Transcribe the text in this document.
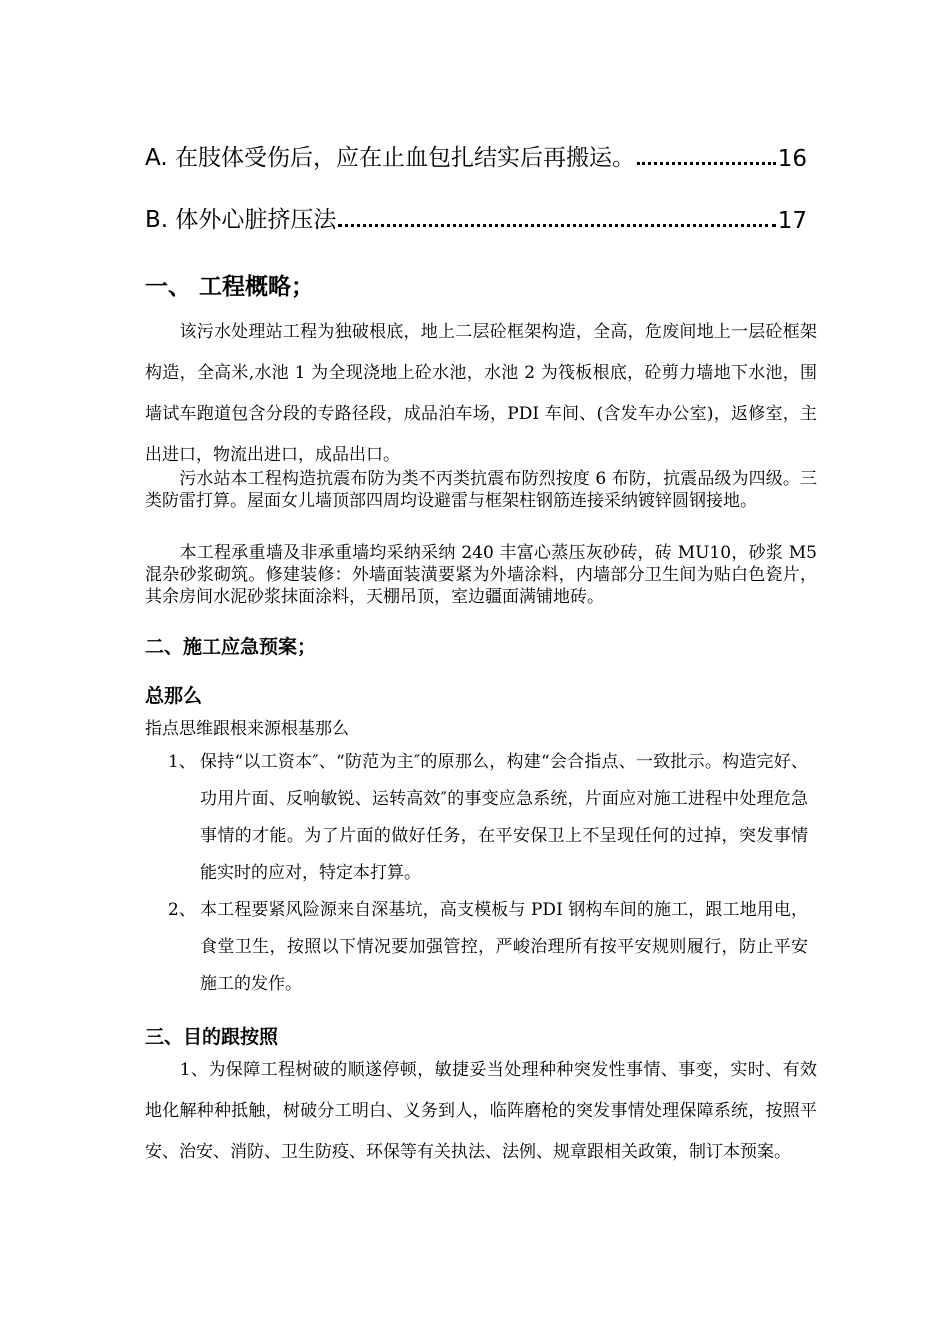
A. 在肢体受伤后，应在止血包扎结实后再搬运。	16
B. 体外心脏挤压法	17
一、 工程概略；

　　该污水处理站工程为独破根底，地上二层砼框架构造，全高，危废间地上一层砼框架构造，全高米,水池 1 为全现浇地上砼水池，水池 2 为筏板根底，砼剪力墙地下水池，围墙试车跑道包含分段的专路径段，成品泊车场，PDI 车间、(含发车办公室)，返修室，主出进口，物流出进口，成品出口。

　　污水站本工程构造抗震布防为类不丙类抗震布防烈按度 6 布防，抗震品级为四级。三类防雷打算。屋面女儿墙顶部四周均设避雷与框架柱钢筋连接采纳镀锌圆钢接地。

　　本工程承重墙及非承重墙均采纳采纳 240 丰富心蒸压灰砂砖，砖 MU10，砂浆 M5 混杂砂浆砌筑。修建装修：外墙面装潢要紧为外墙涂料，内墙部分卫生间为贴白色瓷片，其余房间水泥砂浆抹面涂料，天棚吊顶，室边疆面满铺地砖。

二、施工应急预案；
总那么

指点思维跟根来源根基那么

1、 保持“以工资本″、“防范为主″的原那么，构建“会合指点、一致批示。构造完好、功用片面、反响敏锐、运转高效″的事变应急系统，片面应对施工进程中处理危急事情的才能。为了片面的做好任务，在平安保卫上不呈现任何的过掉，突发事情能实时的应对，特定本打算。
2、 本工程要紧风险源来自深基坑，高支模板与 PDI 钢构车间的施工，跟工地用电，食堂卫生，按照以下情况要加强管控，严峻治理所有按平安规则履行，防止平安施工的发作。
三、目的跟按照

　　1、为保障工程树破的顺遂停顿，敏捷妥当处理种种突发性事情、事变，实时、有效地化解种种抵触，树破分工明白、义务到人，临阵磨枪的突发事情处理保障系统，按照平安、治安、消防、卫生防疫、环保等有关执法、法例、规章跟相关政策，制订本预案。
